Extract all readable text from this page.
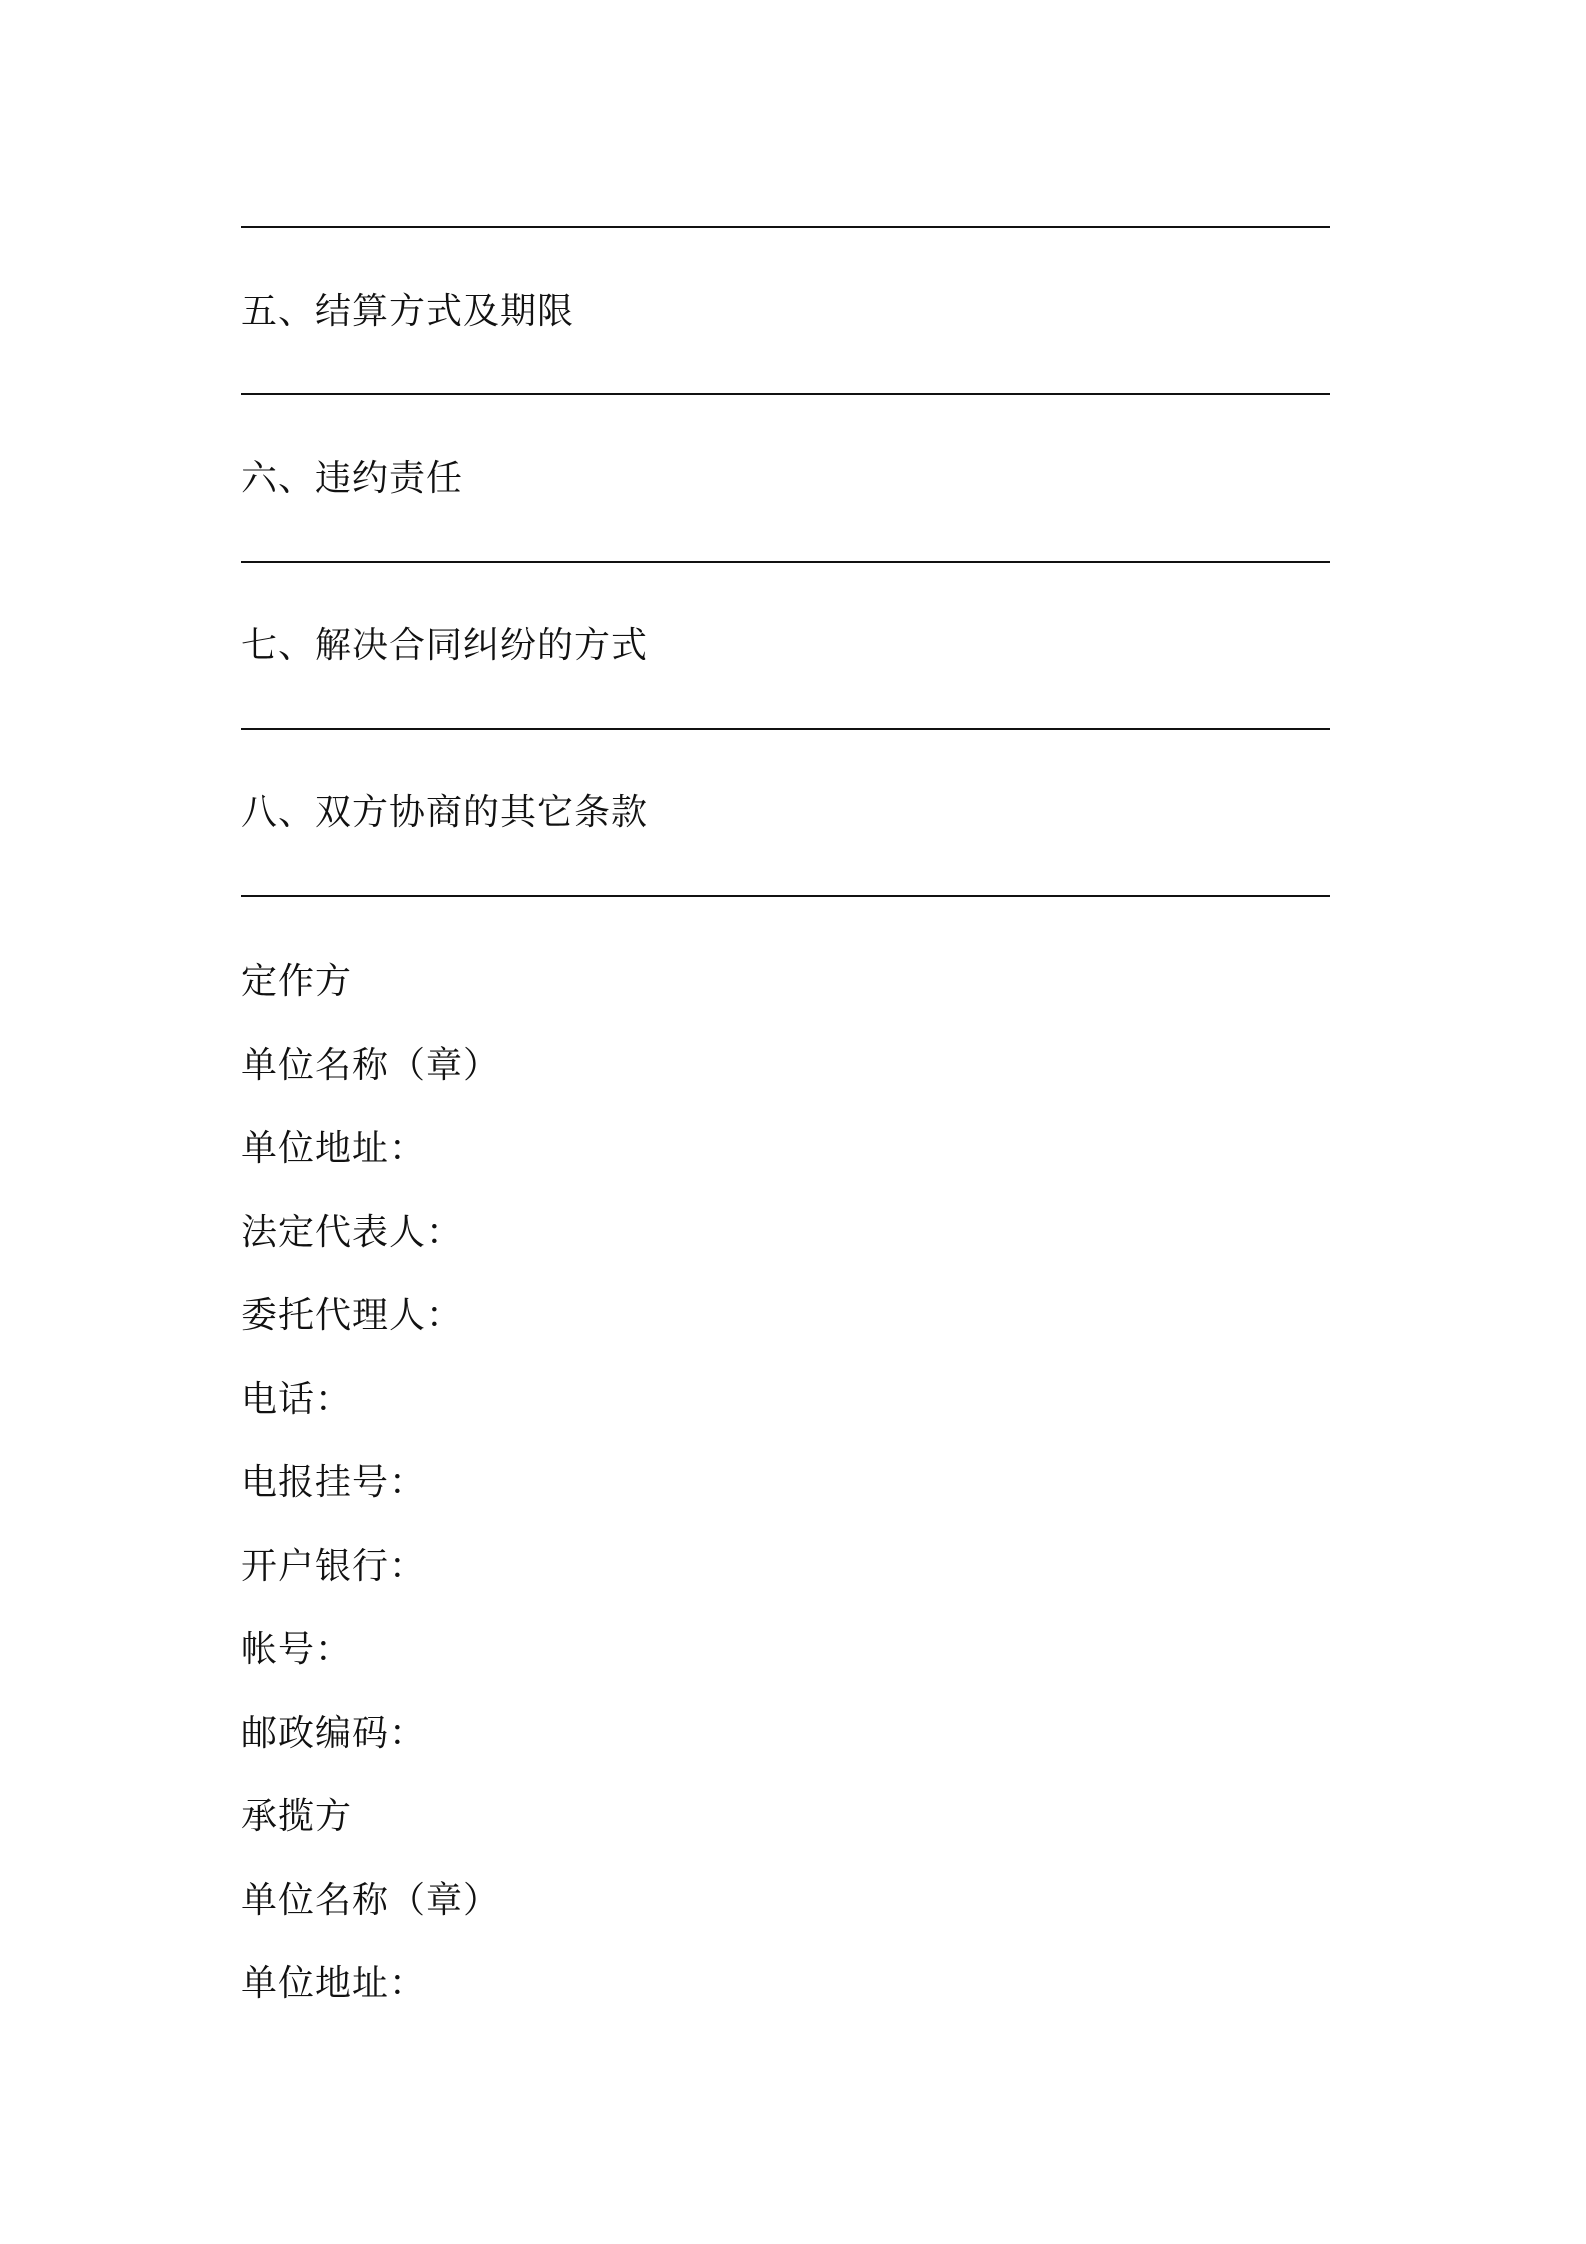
五、结算方式及期限
六、违约责任
七、解决合同纠纷的方式
八、双方协商的其它条款
定作方
单位名称（章）
单位地址：
法定代表人：
委托代理人：
电话：
电报挂号：
开户银行：
帐号：
邮政编码：
承揽方
单位名称（章）
单位地址：
